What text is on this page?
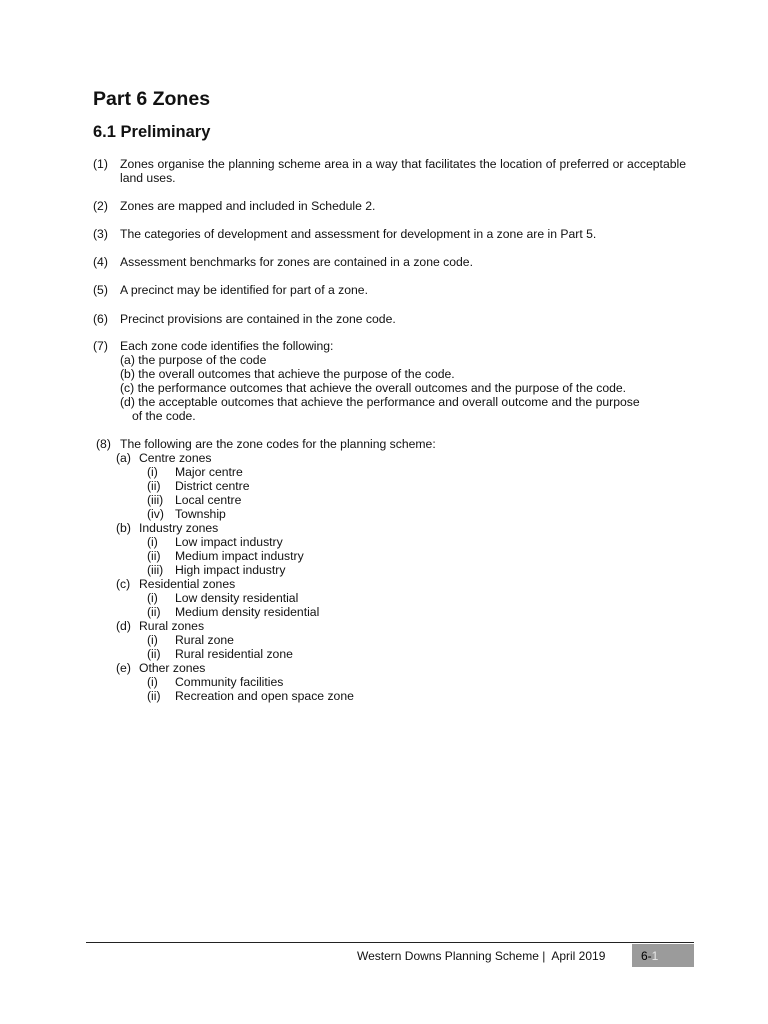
Part 6 Zones
6.1 Preliminary
(1) Zones organise the planning scheme area in a way that facilitates the location of preferred or acceptable land uses.
(2) Zones are mapped and included in Schedule 2.
(3) The categories of development and assessment for development in a zone are in Part 5.
(4) Assessment benchmarks for zones are contained in a zone code.
(5) A precinct may be identified for part of a zone.
(6) Precinct provisions are contained in the zone code.
(7) Each zone code identifies the following:
(a) the purpose of the code
(b) the overall outcomes that achieve the purpose of the code.
(c) the performance outcomes that achieve the overall outcomes and the purpose of the code.
(d) the acceptable outcomes that achieve the performance and overall outcome and the purpose
of the code.
(8) The following are the zone codes for the planning scheme:
(a) Centre zones
(i) Major centre
(ii) District centre
(iii) Local centre
(iv) Township
(b) Industry zones
(i) Low impact industry
(ii) Medium impact industry
(iii) High impact industry
(c) Residential zones
(i) Low density residential
(ii) Medium density residential
(d) Rural zones
(i) Rural zone
(ii) Rural residential zone
(e) Other zones
(i) Community facilities
(ii) Recreation and open space zone
Western Downs Planning Scheme |  April 2019	6-1
